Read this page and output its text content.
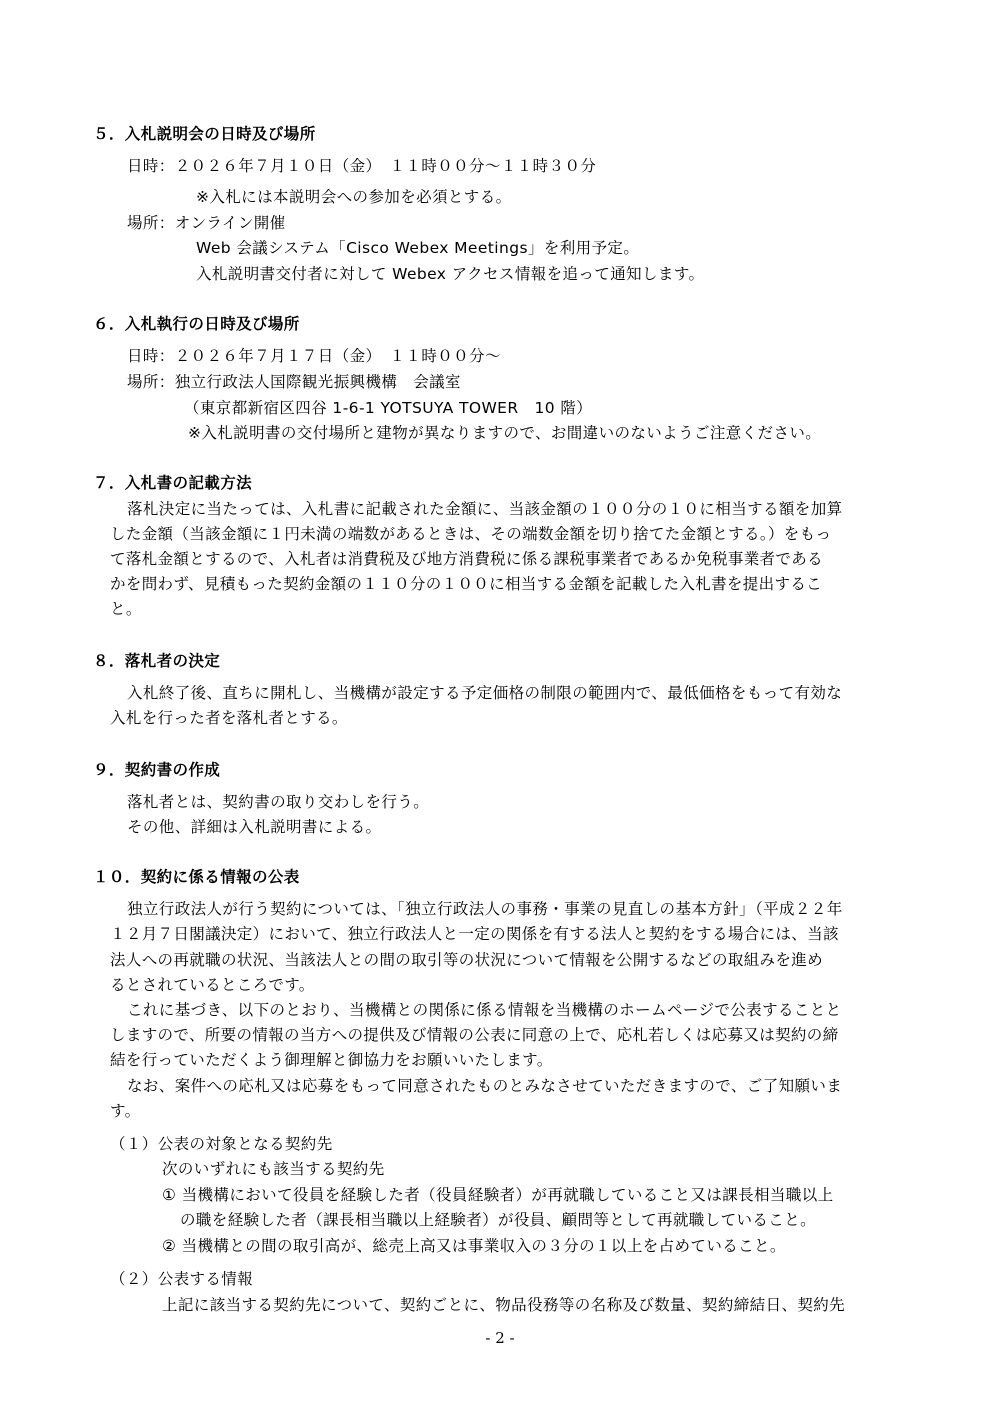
５．入札説明会の日時及び場所
日時：２０２６年７月１０日（金）　１１時００分～１１時３０分
※入札には本説明会への参加を必須とする。
場所：オンライン開催
Web 会議システム「Cisco Webex Meetings」を利用予定。
入札説明書交付者に対して Webex アクセス情報を追って通知します。
６．入札執行の日時及び場所
日時：２０２６年７月１７日（金）　１１時００分～
場所：独立行政法人国際観光振興機構　会議室
（東京都新宿区四谷 1-6-1 YOTSUYA TOWER　10 階）
※入札説明書の交付場所と建物が異なりますので、お間違いのないようご注意ください。
７．入札書の記載方法
落札決定に当たっては、入札書に記載された金額に、当該金額の１００分の１０に相当する額を加算
した金額（当該金額に１円未満の端数があるときは、その端数金額を切り捨てた金額とする。）をもっ
て落札金額とするので、入札者は消費税及び地方消費税に係る課税事業者であるか免税事業者である
かを問わず、見積もった契約金額の１１０分の１００に相当する金額を記載した入札書を提出するこ
と。
８．落札者の決定
入札終了後、直ちに開札し、当機構が設定する予定価格の制限の範囲内で、最低価格をもって有効な
入札を行った者を落札者とする。
９．契約書の作成
落札者とは、契約書の取り交わしを行う。
その他、詳細は入札説明書による。
１０．契約に係る情報の公表
独立行政法人が行う契約については、「独立行政法人の事務・事業の見直しの基本方針」（平成２２年
１２月７日閣議決定）において、独立行政法人と一定の関係を有する法人と契約をする場合には、当該
法人への再就職の状況、当該法人との間の取引等の状況について情報を公開するなどの取組みを進め
るとされているところです。
これに基づき、以下のとおり、当機構との関係に係る情報を当機構のホームページで公表することと
しますので、所要の情報の当方への提供及び情報の公表に同意の上で、応札若しくは応募又は契約の締
結を行っていただくよう御理解と御協力をお願いいたします。
なお、案件への応札又は応募をもって同意されたものとみなさせていただきますので、ご了知願いま
す。
（１）公表の対象となる契約先
次のいずれにも該当する契約先
① 当機構において役員を経験した者（役員経験者）が再就職していること又は課長相当職以上
の職を経験した者（課長相当職以上経験者）が役員、顧問等として再就職していること。
② 当機構との間の取引高が、総売上高又は事業収入の３分の１以上を占めていること。
（２）公表する情報
上記に該当する契約先について、契約ごとに、物品役務等の名称及び数量、契約締結日、契約先
- 2 -
